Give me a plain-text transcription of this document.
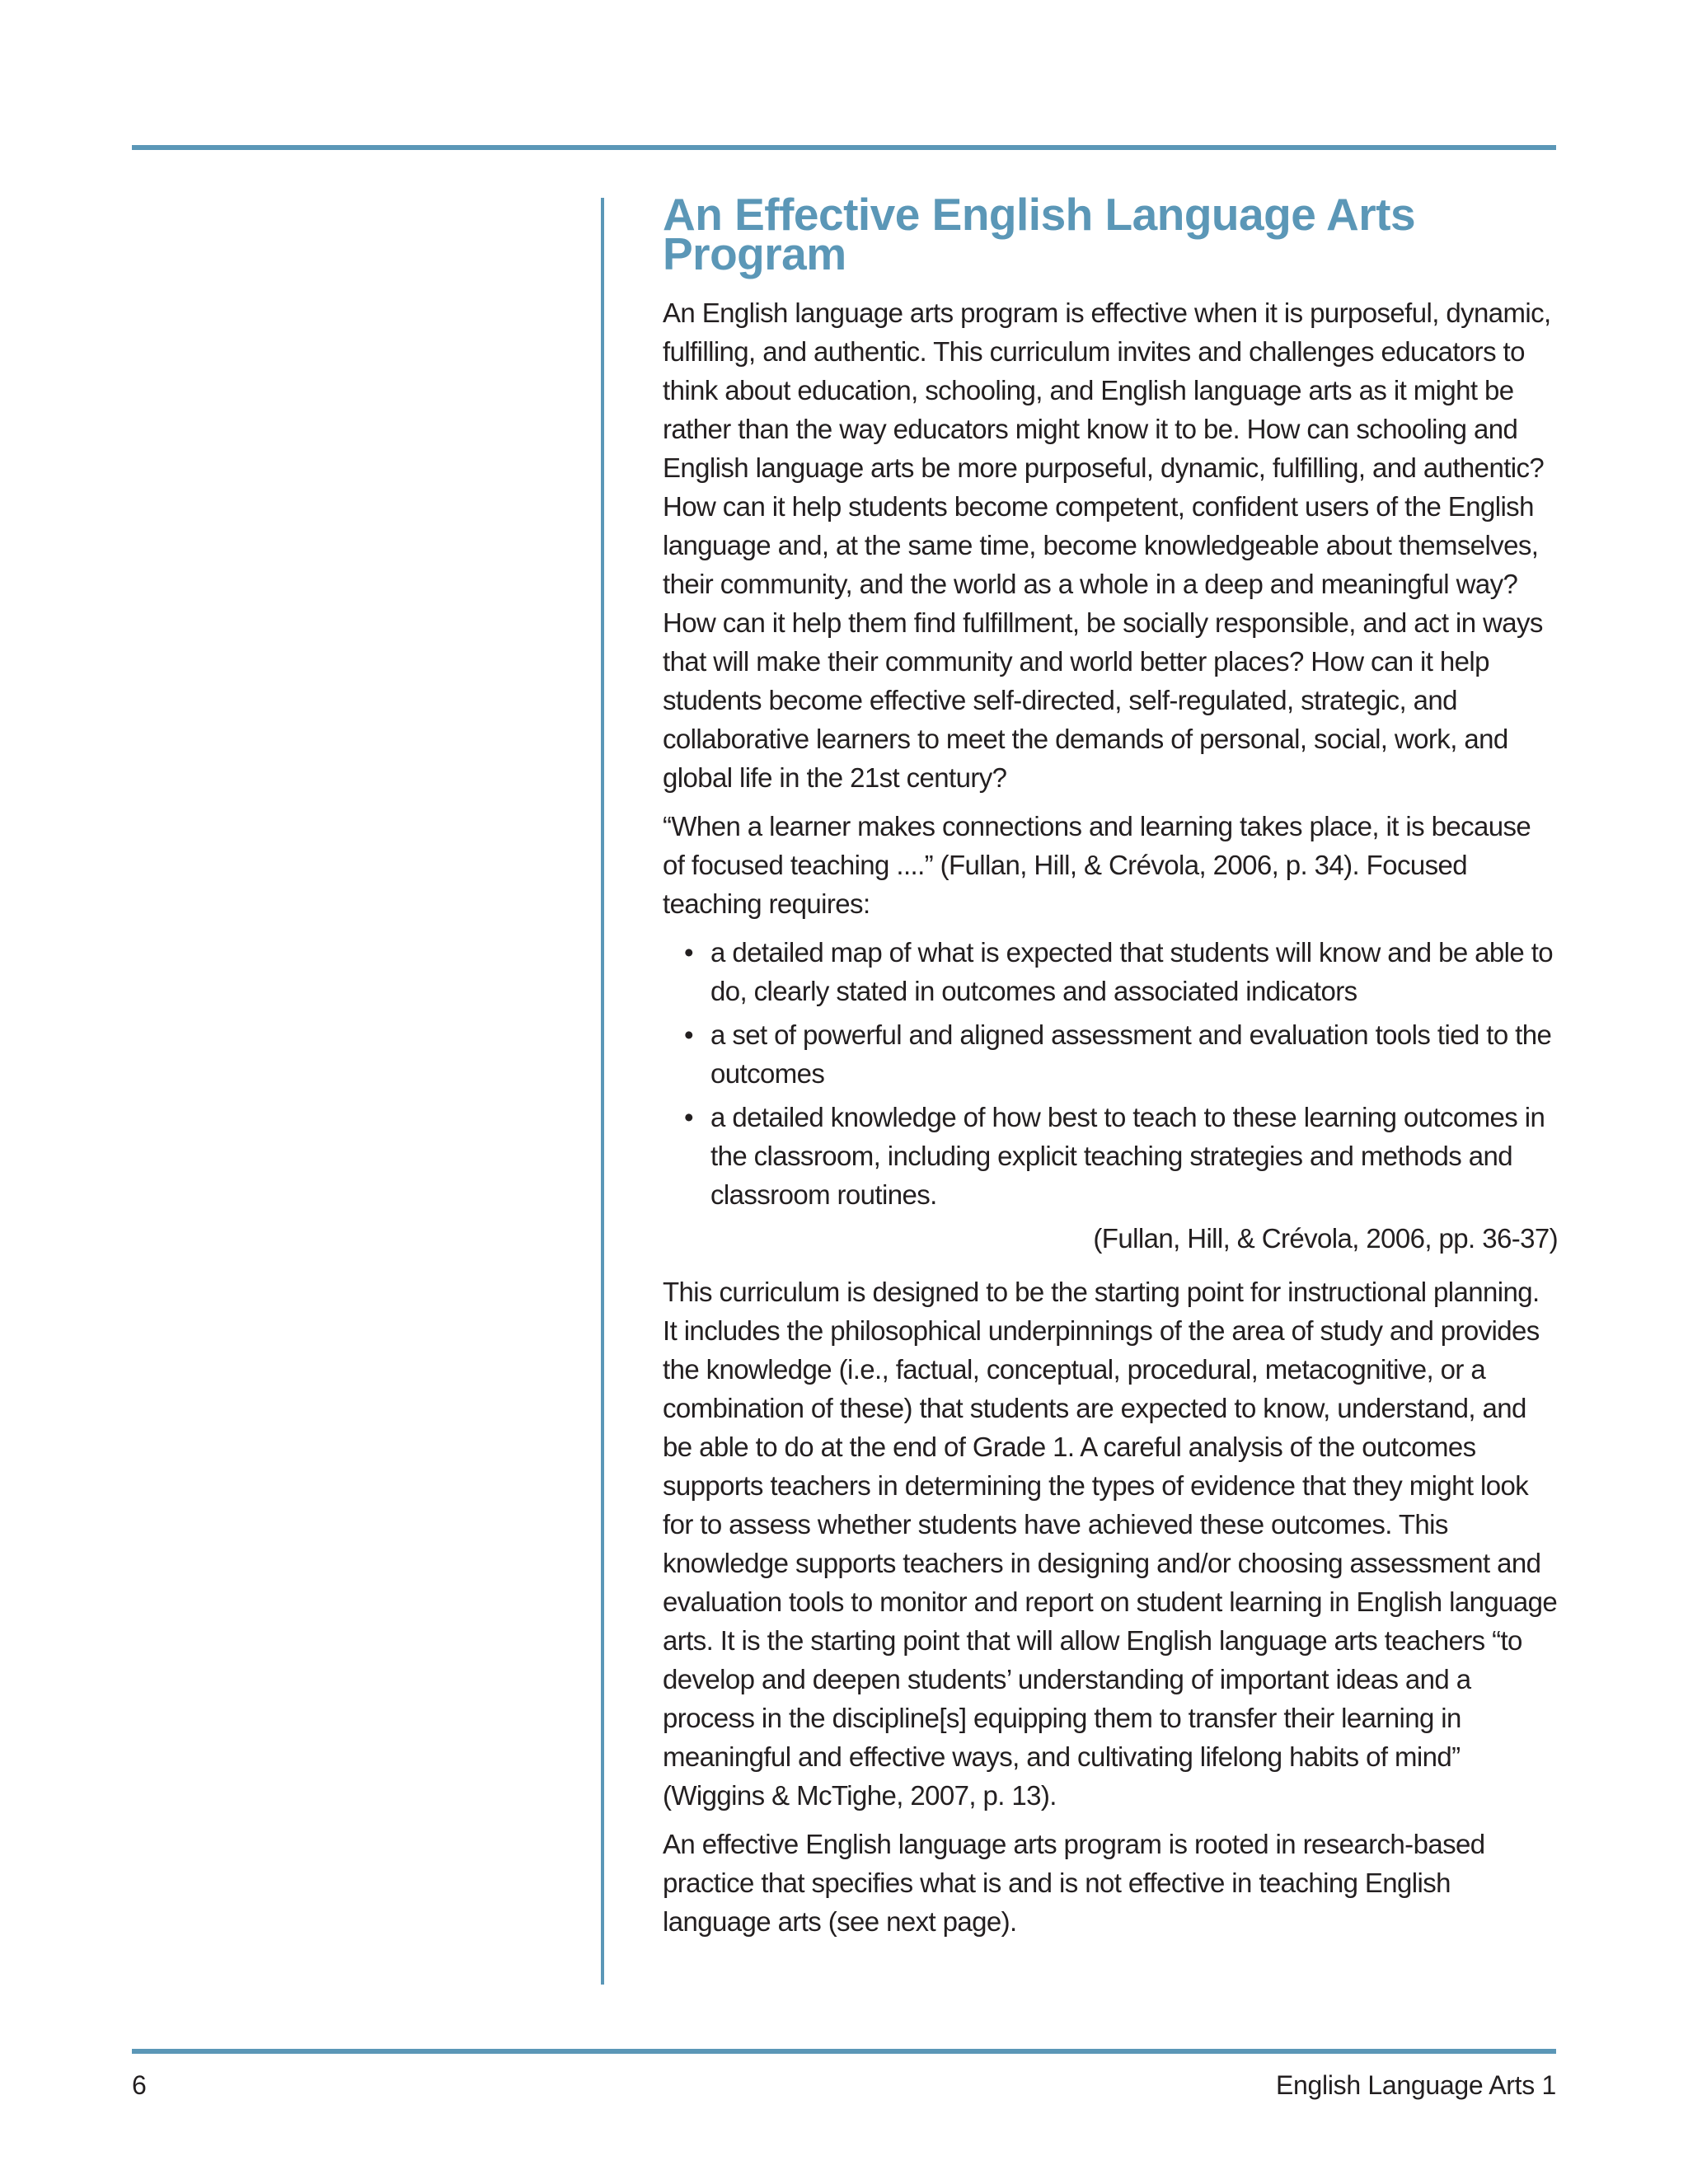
An Effective English Language Arts Program

An English language arts program is effective when it is purposeful, dynamic, fulfilling, and authentic. This curriculum invites and challenges educators to think about education, schooling, and English language arts as it might be rather than the way educators might know it to be. How can schooling and English language arts be more purposeful, dynamic, fulfilling, and authentic? How can it help students become competent, confident users of the English language and, at the same time, become knowledgeable about themselves, their community, and the world as a whole in a deep and meaningful way? How can it help them find fulfillment, be socially responsible, and act in ways that will make their community and world better places? How can it help students become effective self-directed, self-regulated, strategic, and collaborative learners to meet the demands of personal, social, work, and global life in the 21st century?

“When a learner makes connections and learning takes place, it is because of focused teaching ....” (Fullan, Hill, & Crévola, 2006, p. 34). Focused teaching requires:

• a detailed map of what is expected that students will know and be able to do, clearly stated in outcomes and associated indicators
• a set of powerful and aligned assessment and evaluation tools tied to the outcomes
• a detailed knowledge of how best to teach to these learning outcomes in the classroom, including explicit teaching strategies and methods and classroom routines.
(Fullan, Hill, & Crévola, 2006, pp. 36-37)

This curriculum is designed to be the starting point for instructional planning. It includes the philosophical underpinnings of the area of study and provides the knowledge (i.e., factual, conceptual, procedural, metacognitive, or a combination of these) that students are expected to know, understand, and be able to do at the end of Grade 1. A careful analysis of the outcomes supports teachers in determining the types of evidence that they might look for to assess whether students have achieved these outcomes. This knowledge supports teachers in designing and/or choosing assessment and evaluation tools to monitor and report on student learning in English language arts. It is the starting point that will allow English language arts teachers “to develop and deepen students’ understanding of important ideas and a process in the discipline[s] equipping them to transfer their learning in meaningful and effective ways, and cultivating lifelong habits of mind” (Wiggins & McTighe, 2007, p. 13).

An effective English language arts program is rooted in research-based practice that specifies what is and is not effective in teaching English language arts (see next page).

6	English Language Arts 1
